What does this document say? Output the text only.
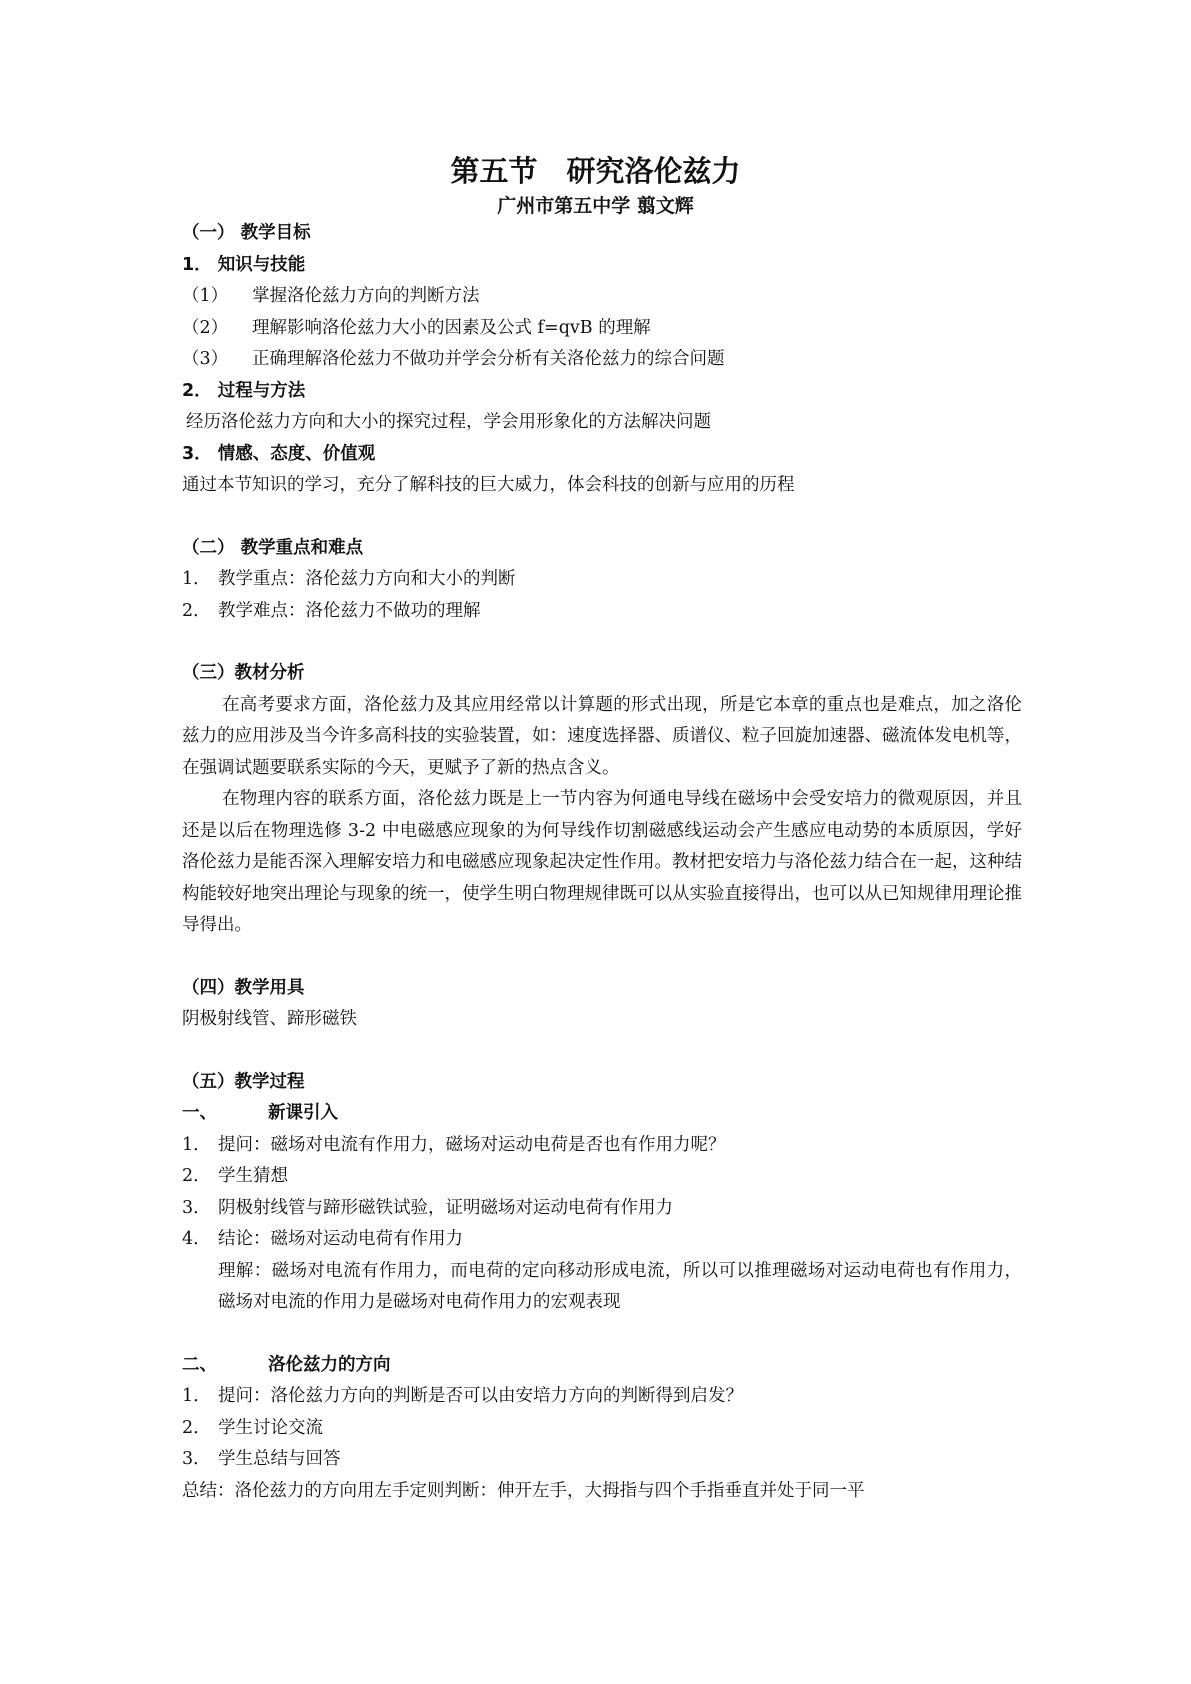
第五节　研究洛伦兹力
广州市第五中学 翦文辉
（一） 教学目标
1． 知识与技能
（1） 掌握洛伦兹力方向的判断方法
（2） 理解影响洛伦兹力大小的因素及公式 f=qvB 的理解
（3） 正确理解洛伦兹力不做功并学会分析有关洛伦兹力的综合问题
2． 过程与方法
经历洛伦兹力方向和大小的探究过程，学会用形象化的方法解决问题
3． 情感、态度、价值观
通过本节知识的学习，充分了解科技的巨大威力，体会科技的创新与应用的历程
（二） 教学重点和难点
1． 教学重点：洛伦兹力方向和大小的判断
2． 教学难点：洛伦兹力不做功的理解
（三）教材分析
在高考要求方面，洛伦兹力及其应用经常以计算题的形式出现，所是它本章的重点也是难点，加之洛伦兹力的应用涉及当今许多高科技的实验装置，如：速度选择器、质谱仪、粒子回旋加速器、磁流体发电机等，在强调试题要联系实际的今天，更赋予了新的热点含义。
在物理内容的联系方面，洛伦兹力既是上一节内容为何通电导线在磁场中会受安培力的微观原因，并且还是以后在物理选修 3-2 中电磁感应现象的为何导线作切割磁感线运动会产生感应电动势的本质原因，学好洛伦兹力是能否深入理解安培力和电磁感应现象起决定性作用。教材把安培力与洛伦兹力结合在一起，这种结构能较好地突出理论与现象的统一，使学生明白物理规律既可以从实验直接得出，也可以从已知规律用理论推导得出。
（四）教学用具
阴极射线管、蹄形磁铁
（五）教学过程
一、	新课引入
1． 提问：磁场对电流有作用力，磁场对运动电荷是否也有作用力呢？
2． 学生猜想
3． 阴极射线管与蹄形磁铁试验，证明磁场对运动电荷有作用力
4． 结论：磁场对运动电荷有作用力
理解：磁场对电流有作用力，而电荷的定向移动形成电流，所以可以推理磁场对运动电荷也有作用力，磁场对电流的作用力是磁场对电荷作用力的宏观表现
二、	洛伦兹力的方向
1． 提问：洛伦兹力方向的判断是否可以由安培力方向的判断得到启发？
2． 学生讨论交流
3． 学生总结与回答
总结：洛伦兹力的方向用左手定则判断：伸开左手，大拇指与四个手指垂直并处于同一平
